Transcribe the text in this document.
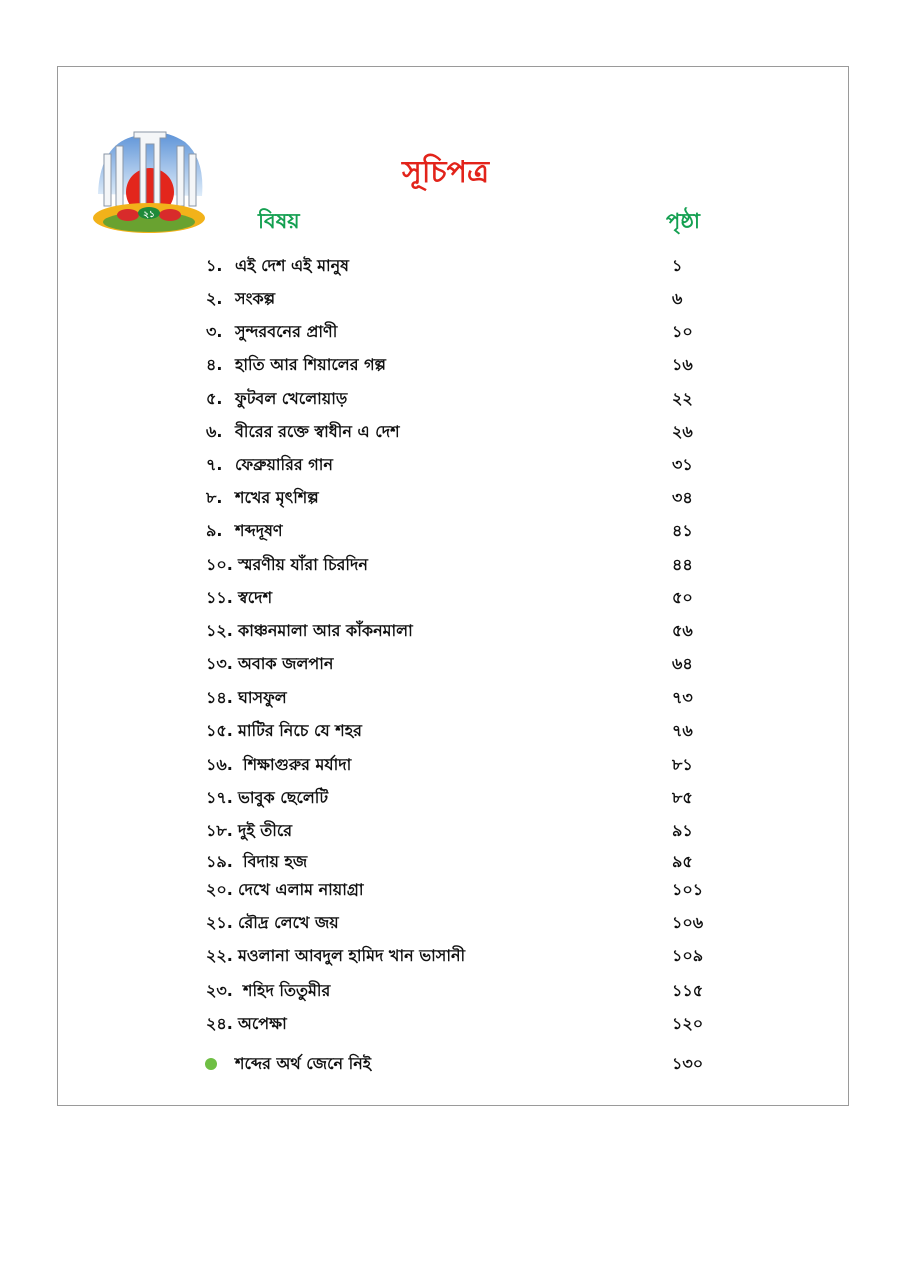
২১
সূচিপত্র
বিষয়	পৃষ্ঠা
১. এই দেশ এই মানুষ	১
২. সংকল্প	৬
৩. সুন্দরবনের প্রাণী	১০
৪. হাতি আর শিয়ালের গল্প	১৬
৫. ফুটবল খেলোয়াড়	২২
৬. বীরের রক্তে স্বাধীন এ দেশ	২৬
৭. ফেব্রুয়ারির গান	৩১
৮. শখের মৃৎশিল্প	৩৪
৯. শব্দদূষণ	৪১
১০. স্মরণীয় যাঁরা চিরদিন	৪৪
১১. স্বদেশ	৫০
১২. কাঞ্চনমালা আর কাঁকনমালা	৫৬
১৩. অবাক জলপান	৬৪
১৪. ঘাসফুল	৭৩
১৫. মাটির নিচে যে শহর	৭৬
১৬. শিক্ষাগুরুর মর্যাদা	৮১
১৭. ভাবুক ছেলেটি	৮৫
১৮. দুই তীরে	৯১
১৯. বিদায় হজ	৯৫
২০. দেখে এলাম নায়াগ্রা	১০১
২১. রৌদ্র লেখে জয়	১০৬
২২. মওলানা আবদুল হামিদ খান ভাসানী	১০৯
২৩. শহিদ তিতুমীর	১১৫
২৪. অপেক্ষা	১২০
শব্দের অর্থ জেনে নিই	১৩০
